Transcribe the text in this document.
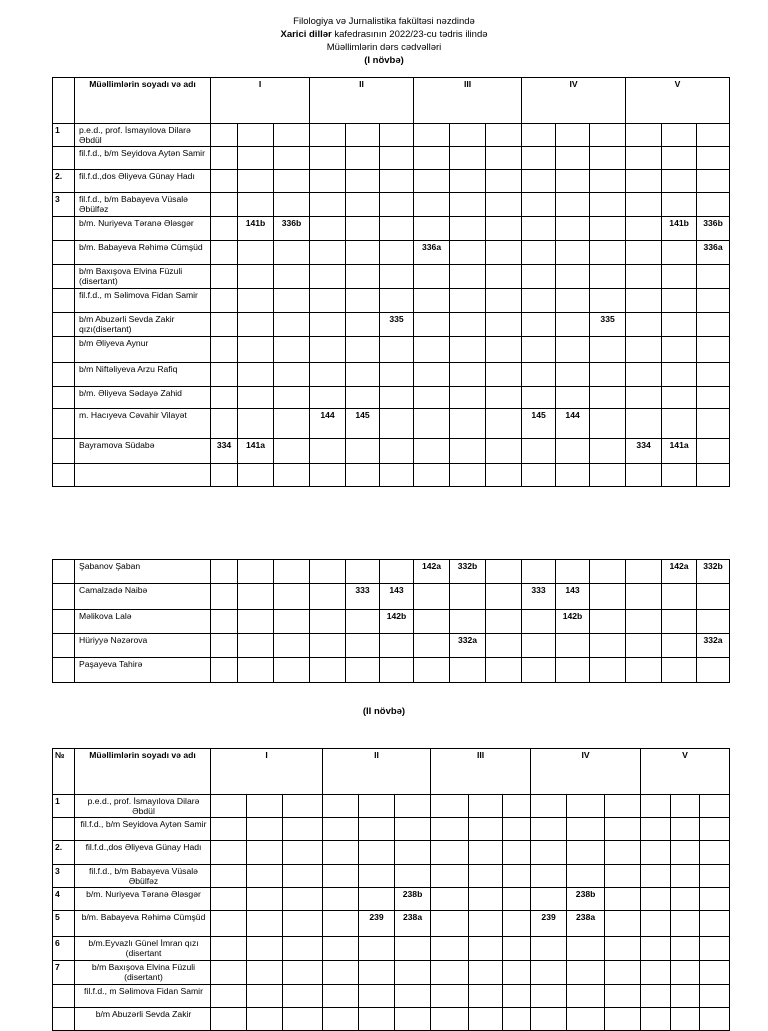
Filologiya və Jurnalistika fakültəsi nəzdində
Xarici dillər kafedrasının 2022/23-cu tədris ilində
Müəllimlərin dərs cədvəlləri
(I növbə)
	Müəllimlərin soyadı və adı	I			II			III			IV			V		
1	p.e.d., prof. İsmayılova Dilarə Əbdül															
	fil.f.d., b/m Seyidova Aytən Samir															
2.	fil.f.d.,dos Əliyeva Günay Hadı															
3	fil.f.d., b/m Babayeva Vüsalə Əbülfəz															
	b/m. Nuriyeva Təranə Ələsgər		141b	336b											141b	336b
	b/m. Babayeva Rəhimə Cümşüd							336a								336a
	b/m Baxışova Elvina Füzuli (disertant)															
	fil.f.d., m Səlimova Fidan Samir															
	b/m Abuzərli Sevda Zakir qızı(disertant)						335						335			
	b/m Əliyeva Aynur															
	b/m Niftəliyeva Arzu Rafiq															
	b/m. Əliyeva Sədayə Zahid															
	m. Hacıyeva Cəvahir Vilayət				144	145					145	144				
	Bayramova Südabə	334	141a											334	141a	

	Şabanov Şaban							142a	332b						142a	332b
	Camalzadə Naibə					333	143				333	143				
	Məlikova Lalə						142b					142b				
	Hüriyyə Nəzərova								332a							332a
	Paşayeva Tahirə															
(II növbə)
№	Müəllimlərin soyadı və adı	I			II			III			IV			V		
1	p.e.d., prof. İsmayılova Dilarə Əbdül															
	fil.f.d., b/m Seyidova Aytən Samir															
2.	fil.f.d.,dos Əliyeva Günay Hadı															
3	fil.f.d., b/m Babayeva Vüsalə Əbülfəz															
4	b/m. Nuriyeva Təranə Ələsgər						238b					238b				
5	b/m. Babayeva Rəhimə Cümşüd					239	238a				239	238a				
6	b/m.Eyvazlı Günel İmran qızı (disertant															
7	b/m Baxışova Elvina Füzuli (disertant)															
	fil.f.d., m Səlimova Fidan Samir															
	b/m Abuzərli Sevda Zakir															
